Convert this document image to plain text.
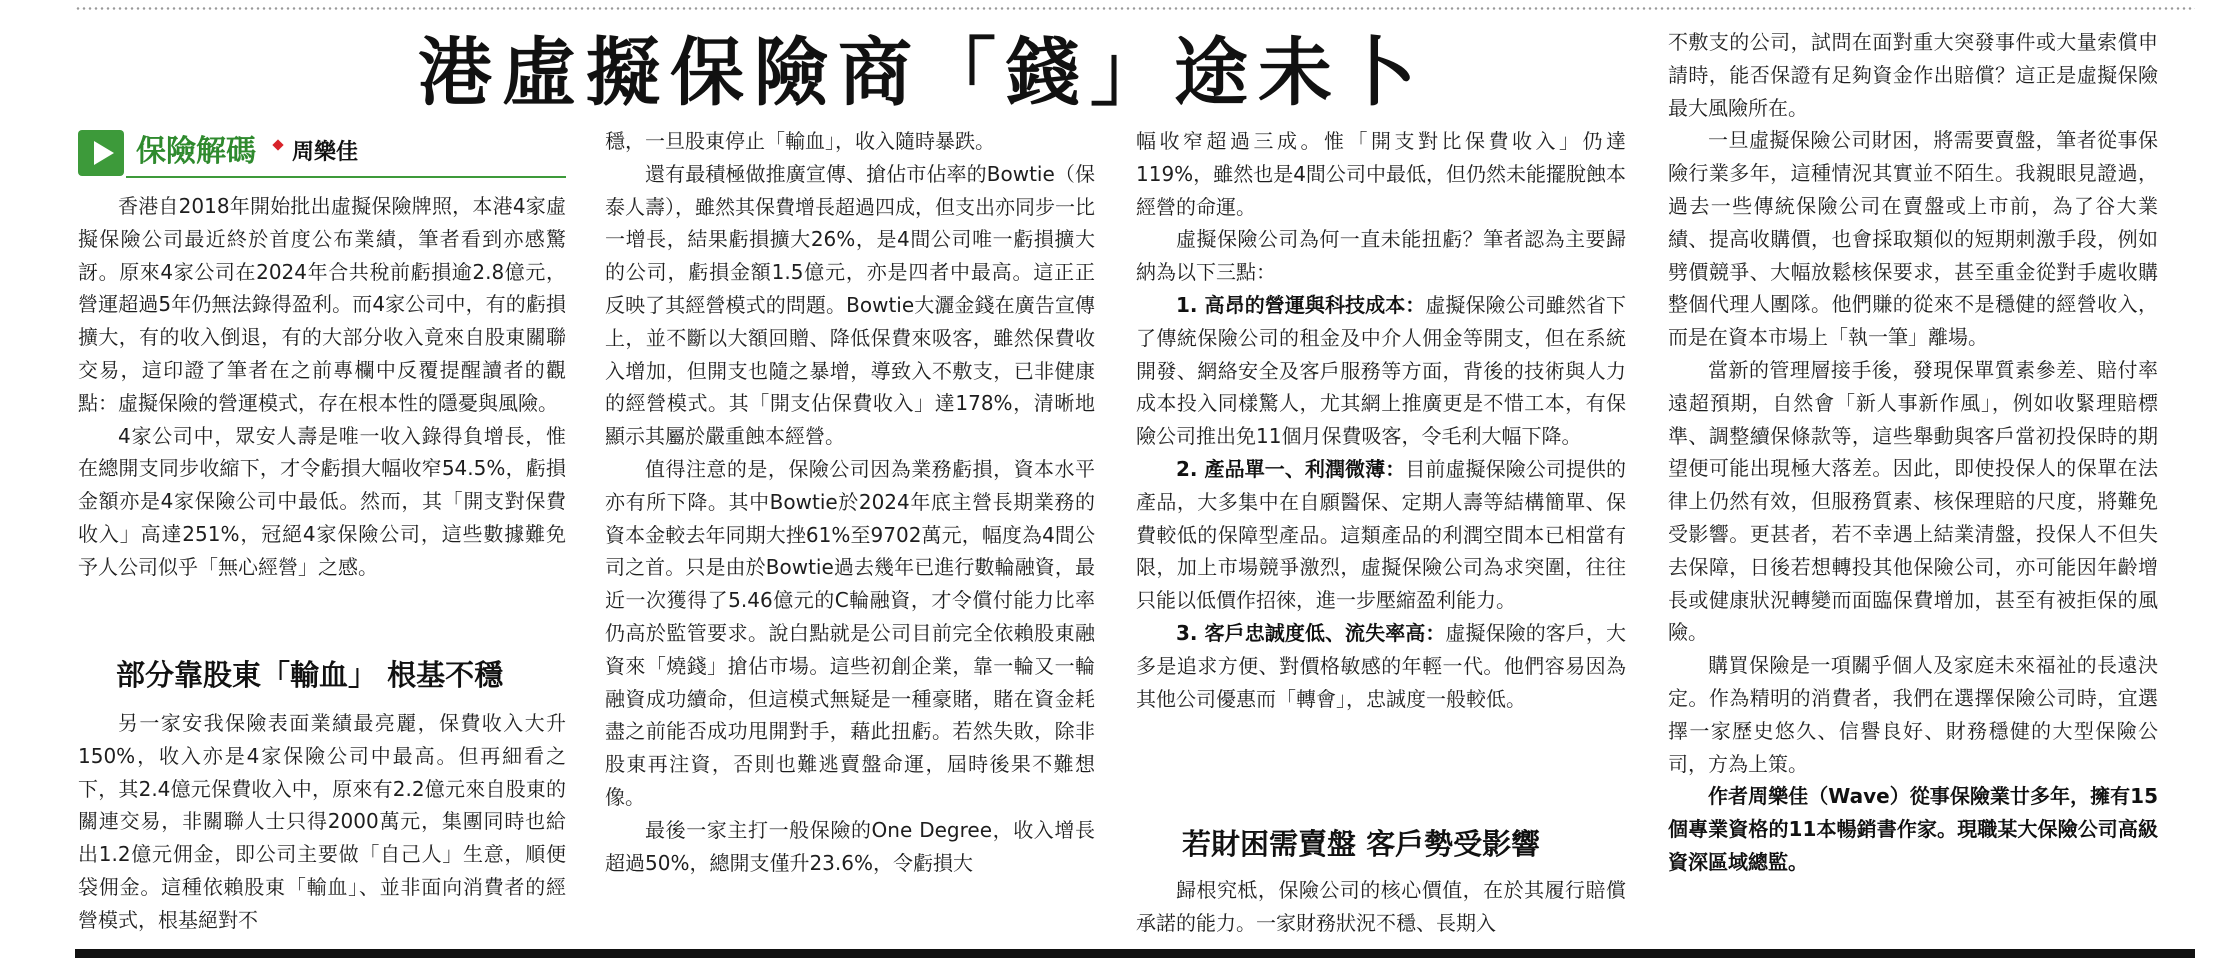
港虛擬保險商「錢」途未卜
保險解碼 周樂佳

香港自2018年開始批出虛擬保險牌照，本港4家虛擬保險公司最近終於首度公布業績，筆者看到亦感驚訝。原來4家公司在2024年合共稅前虧損逾2.8億元，營運超過5年仍無法錄得盈利。而4家公司中，有的虧損擴大，有的收入倒退，有的大部分收入竟來自股東關聯交易，這印證了筆者在之前專欄中反覆提醒讀者的觀點：虛擬保險的營運模式，存在根本性的隱憂與風險。

4家公司中，眾安人壽是唯一收入錄得負增長，惟在總開支同步收縮下，才令虧損大幅收窄54.5%，虧損金額亦是4家保險公司中最低。然而，其「開支對保費收入」高達251%，冠絕4家保險公司，這些數據難免予人公司似乎「無心經營」之感。

部分靠股東「輸血」 根基不穩

另一家安我保險表面業績最亮麗，保費收入大升150%，收入亦是4家保險公司中最高。但再細看之下，其2.4億元保費收入中，原來有2.2億元來自股東的關連交易，非關聯人士只得2000萬元，集團同時也給出1.2億元佣金，即公司主要做「自己人」生意，順便袋佣金。這種依賴股東「輸血」、並非面向消費者的經營模式，根基絕對不

穩，一旦股東停止「輸血」，收入隨時暴跌。

還有最積極做推廣宣傳、搶佔市佔率的Bowtie（保泰人壽），雖然其保費增長超過四成，但支出亦同步一比一增長，結果虧損擴大26%，是4間公司唯一虧損擴大的公司，虧損金額1.5億元，亦是四者中最高。這正正反映了其經營模式的問題。Bowtie大灑金錢在廣告宣傳上，並不斷以大額回贈、降低保費來吸客，雖然保費收入增加，但開支也隨之暴增，導致入不敷支，已非健康的經營模式。其「開支佔保費收入」達178%，清晰地顯示其屬於嚴重蝕本經營。

值得注意的是，保險公司因為業務虧損，資本水平亦有所下降。其中Bowtie於2024年底主營長期業務的資本金較去年同期大挫61%至9702萬元，幅度為4間公司之首。只是由於Bowtie過去幾年已進行數輪融資，最近一次獲得了5.46億元的C輪融資，才令償付能力比率仍高於監管要求。說白點就是公司目前完全依賴股東融資來「燒錢」搶佔市場。這些初創企業，靠一輪又一輪融資成功續命，但這模式無疑是一種豪賭，賭在資金耗盡之前能否成功甩開對手，藉此扭虧。若然失敗，除非股東再注資，否則也難逃賣盤命運，屆時後果不難想像。

最後一家主打一般保險的One Degree，收入增長超過50%，總開支僅升23.6%，令虧損大

幅收窄超過三成。惟「開支對比保費收入」仍達119%，雖然也是4間公司中最低，但仍然未能擺脫蝕本經營的命運。

虛擬保險公司為何一直未能扭虧？筆者認為主要歸納為以下三點：

1. 高昂的營運與科技成本：虛擬保險公司雖然省下了傳統保險公司的租金及中介人佣金等開支，但在系統開發、網絡安全及客戶服務等方面，背後的技術與人力成本投入同樣驚人，尤其網上推廣更是不惜工本，有保險公司推出免11個月保費吸客，令毛利大幅下降。

2. 產品單一、利潤微薄：目前虛擬保險公司提供的產品，大多集中在自願醫保、定期人壽等結構簡單、保費較低的保障型產品。這類產品的利潤空間本已相當有限，加上市場競爭激烈，虛擬保險公司為求突圍，往往只能以低價作招徠，進一步壓縮盈利能力。

3. 客戶忠誠度低、流失率高：虛擬保險的客戶，大多是追求方便、對價格敏感的年輕一代。他們容易因為其他公司優惠而「轉會」，忠誠度一般較低。

若財困需賣盤 客戶勢受影響

歸根究柢，保險公司的核心價值，在於其履行賠償承諾的能力。一家財務狀況不穩、長期入

不敷支的公司，試問在面對重大突發事件或大量索償申請時，能否保證有足夠資金作出賠償？這正是虛擬保險最大風險所在。

一旦虛擬保險公司財困，將需要賣盤，筆者從事保險行業多年，這種情況其實並不陌生。我親眼見證過，過去一些傳統保險公司在賣盤或上市前，為了谷大業績、提高收購價，也會採取類似的短期刺激手段，例如劈價競爭、大幅放鬆核保要求，甚至重金從對手處收購整個代理人團隊。他們賺的從來不是穩健的經營收入，而是在資本市場上「執一筆」離場。

當新的管理層接手後，發現保單質素參差、賠付率遠超預期，自然會「新人事新作風」，例如收緊理賠標準、調整續保條款等，這些舉動與客戶當初投保時的期望便可能出現極大落差。因此，即使投保人的保單在法律上仍然有效，但服務質素、核保理賠的尺度，將難免受影響。更甚者，若不幸遇上結業清盤，投保人不但失去保障，日後若想轉投其他保險公司，亦可能因年齡增長或健康狀況轉變而面臨保費增加，甚至有被拒保的風險。

購買保險是一項關乎個人及家庭未來福祉的長遠決定。作為精明的消費者，我們在選擇保險公司時，宜選擇一家歷史悠久、信譽良好、財務穩健的大型保險公司，方為上策。

作者周樂佳（Wave）從事保險業廿多年，擁有15個專業資格的11本暢銷書作家。現職某大保險公司高級資深區域總監。
